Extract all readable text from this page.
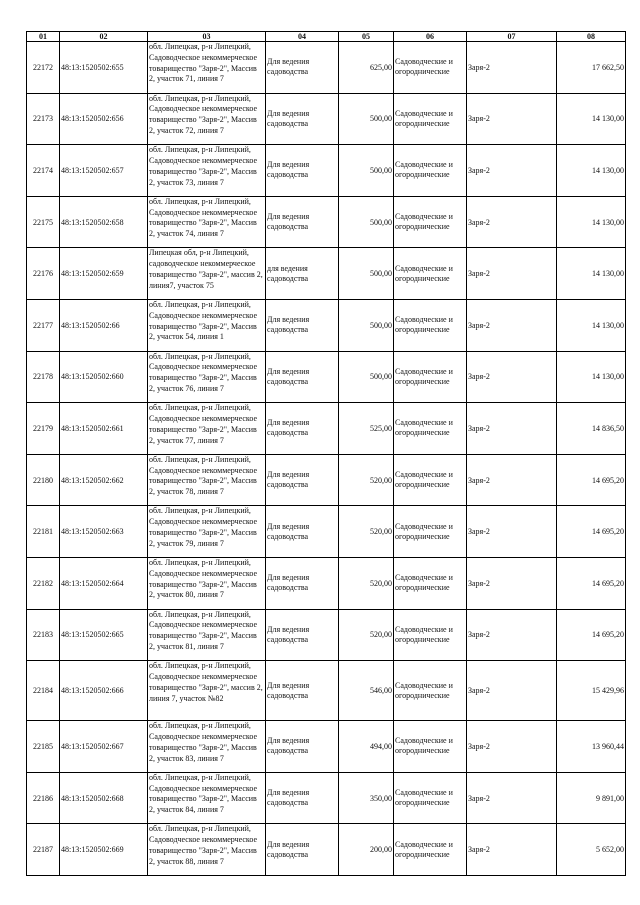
01	02	03	04	05	06	07	08
22172	48:13:1520502:655	обл. Липецкая, р-н Липецкий, Садоводческое некоммерческое товарищество "Заря-2", Массив 2, участок 71, линия 7	Для ведения садоводства	625,00	Садоводческие и огороднические	Заря-2	17 662,50
22173	48:13:1520502:656	обл. Липецкая, р-н Липецкий, Садоводческое некоммерческое товарищество "Заря-2", Массив 2, участок 72, линия 7	Для ведения садоводства	500,00	Садоводческие и огороднические	Заря-2	14 130,00
22174	48:13:1520502:657	обл. Липецкая, р-н Липецкий, Садоводческое некоммерческое товарищество "Заря-2", Массив 2, участок 73, линия 7	Для ведения садоводства	500,00	Садоводческие и огороднические	Заря-2	14 130,00
22175	48:13:1520502:658	обл. Липецкая, р-н Липецкий, Садоводческое некоммерческое товарищество "Заря-2", Массив 2, участок 74, линия 7	Для ведения садоводства	500,00	Садоводческие и огороднические	Заря-2	14 130,00
22176	48:13:1520502:659	Липецкая обл, р-н Липецкий, садоводческое некоммерческое товарищество "Заря-2", массив 2, линия7, участок 75	для ведения садоводства	500,00	Садоводческие и огороднические	Заря-2	14 130,00
22177	48:13:1520502:66	обл. Липецкая, р-н Липецкий, Садоводческое некоммерческое товарищество "Заря-2", Массив 2, участок 54, линия 1	Для ведения садоводства	500,00	Садоводческие и огороднические	Заря-2	14 130,00
22178	48:13:1520502:660	обл. Липецкая, р-н Липецкий, Садоводческое некоммерческое товарищество "Заря-2", Массив 2, участок 76, линия 7	Для ведения садоводства	500,00	Садоводческие и огороднические	Заря-2	14 130,00
22179	48:13:1520502:661	обл. Липецкая, р-н Липецкий, Садоводческое некоммерческое товарищество "Заря-2", Массив 2, участок 77, линия 7	Для ведения садоводства	525,00	Садоводческие и огороднические	Заря-2	14 836,50
22180	48:13:1520502:662	обл. Липецкая, р-н Липецкий, Садоводческое некоммерческое товарищество "Заря-2", Массив 2, участок 78, линия 7	Для ведения садоводства	520,00	Садоводческие и огороднические	Заря-2	14 695,20
22181	48:13:1520502:663	обл. Липецкая, р-н Липецкий, Садоводческое некоммерческое товарищество "Заря-2", Массив 2, участок 79, линия 7	Для ведения садоводства	520,00	Садоводческие и огороднические	Заря-2	14 695,20
22182	48:13:1520502:664	обл. Липецкая, р-н Липецкий, Садоводческое некоммерческое товарищество "Заря-2", Массив 2, участок 80, линия 7	Для ведения садоводства	520,00	Садоводческие и огороднические	Заря-2	14 695,20
22183	48:13:1520502:665	обл. Липецкая, р-н Липецкий, Садоводческое некоммерческое товарищество "Заря-2", Массив 2, участок 81, линия 7	Для ведения садоводства	520,00	Садоводческие и огороднические	Заря-2	14 695,20
22184	48:13:1520502:666	обл. Липецкая, р-н Липецкий, Садоводческое некоммерческое товарищество "Заря-2", массив 2, линия 7, участок №82	Для ведения садоводства	546,00	Садоводческие и огороднические	Заря-2	15 429,96
22185	48:13:1520502:667	обл. Липецкая, р-н Липецкий, Садоводческое некоммерческое товарищество "Заря-2", Массив 2, участок 83, линия 7	Для ведения садоводства	494,00	Садоводческие и огороднические	Заря-2	13 960,44
22186	48:13:1520502:668	обл. Липецкая, р-н Липецкий, Садоводческое некоммерческое товарищество "Заря-2", Массив 2, участок 84, линия 7	Для ведения садоводства	350,00	Садоводческие и огороднические	Заря-2	9 891,00
22187	48:13:1520502:669	обл. Липецкая, р-н Липецкий, Садоводческое некоммерческое товарищество "Заря-2", Массив 2, участок 88, линия 7	Для ведения садоводства	200,00	Садоводческие и огороднические	Заря-2	5 652,00
